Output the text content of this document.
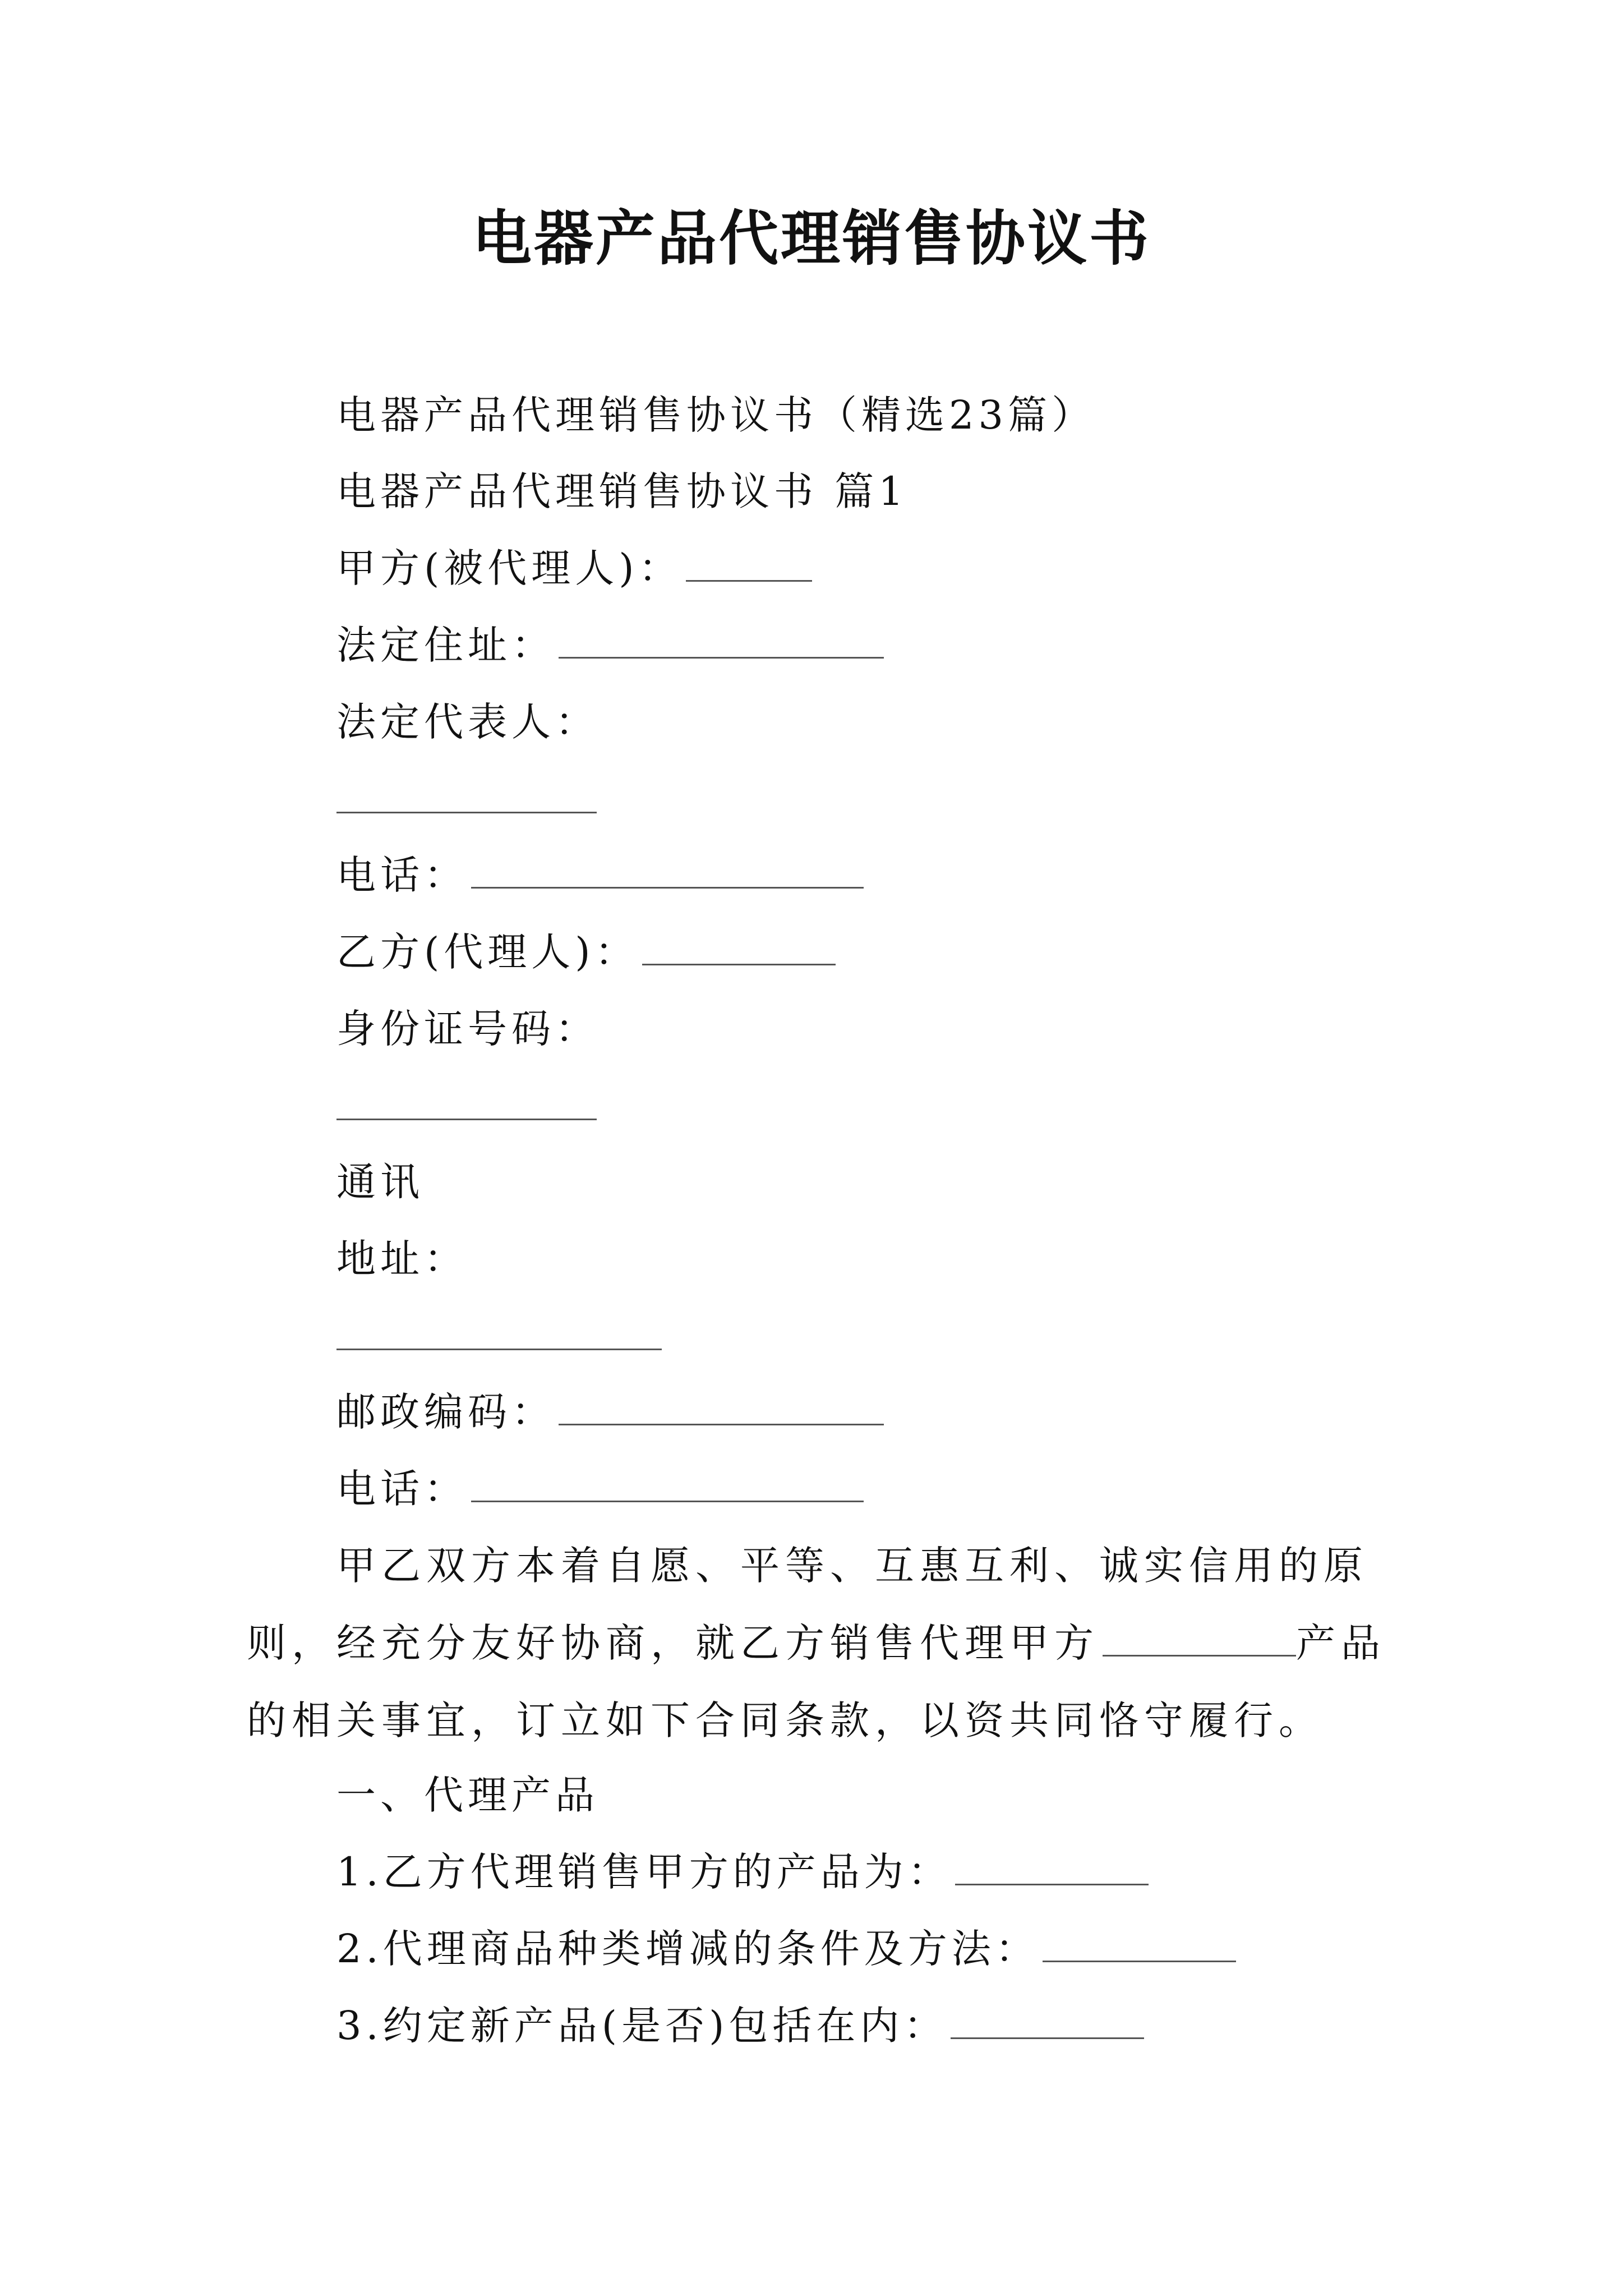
电器产品代理销售协议书
电器产品代理销售协议书（精选23篇）
电器产品代理销售协议书 篇1
甲方(被代理人)：
法定住址：
法定代表人：
电话：
乙方(代理人)：
身份证号码：
通讯
地址：
邮政编码：
电话：
甲乙双方本着自愿、平等、互惠互利、诚实信用的原则，经充分友好协商，就乙方销售代理甲方	产品的相关事宜，订立如下合同条款，以资共同恪守履行。
一、代理产品
1.乙方代理销售甲方的产品为：
2.代理商品种类增减的条件及方法：
3.约定新产品(是否)包括在内：
